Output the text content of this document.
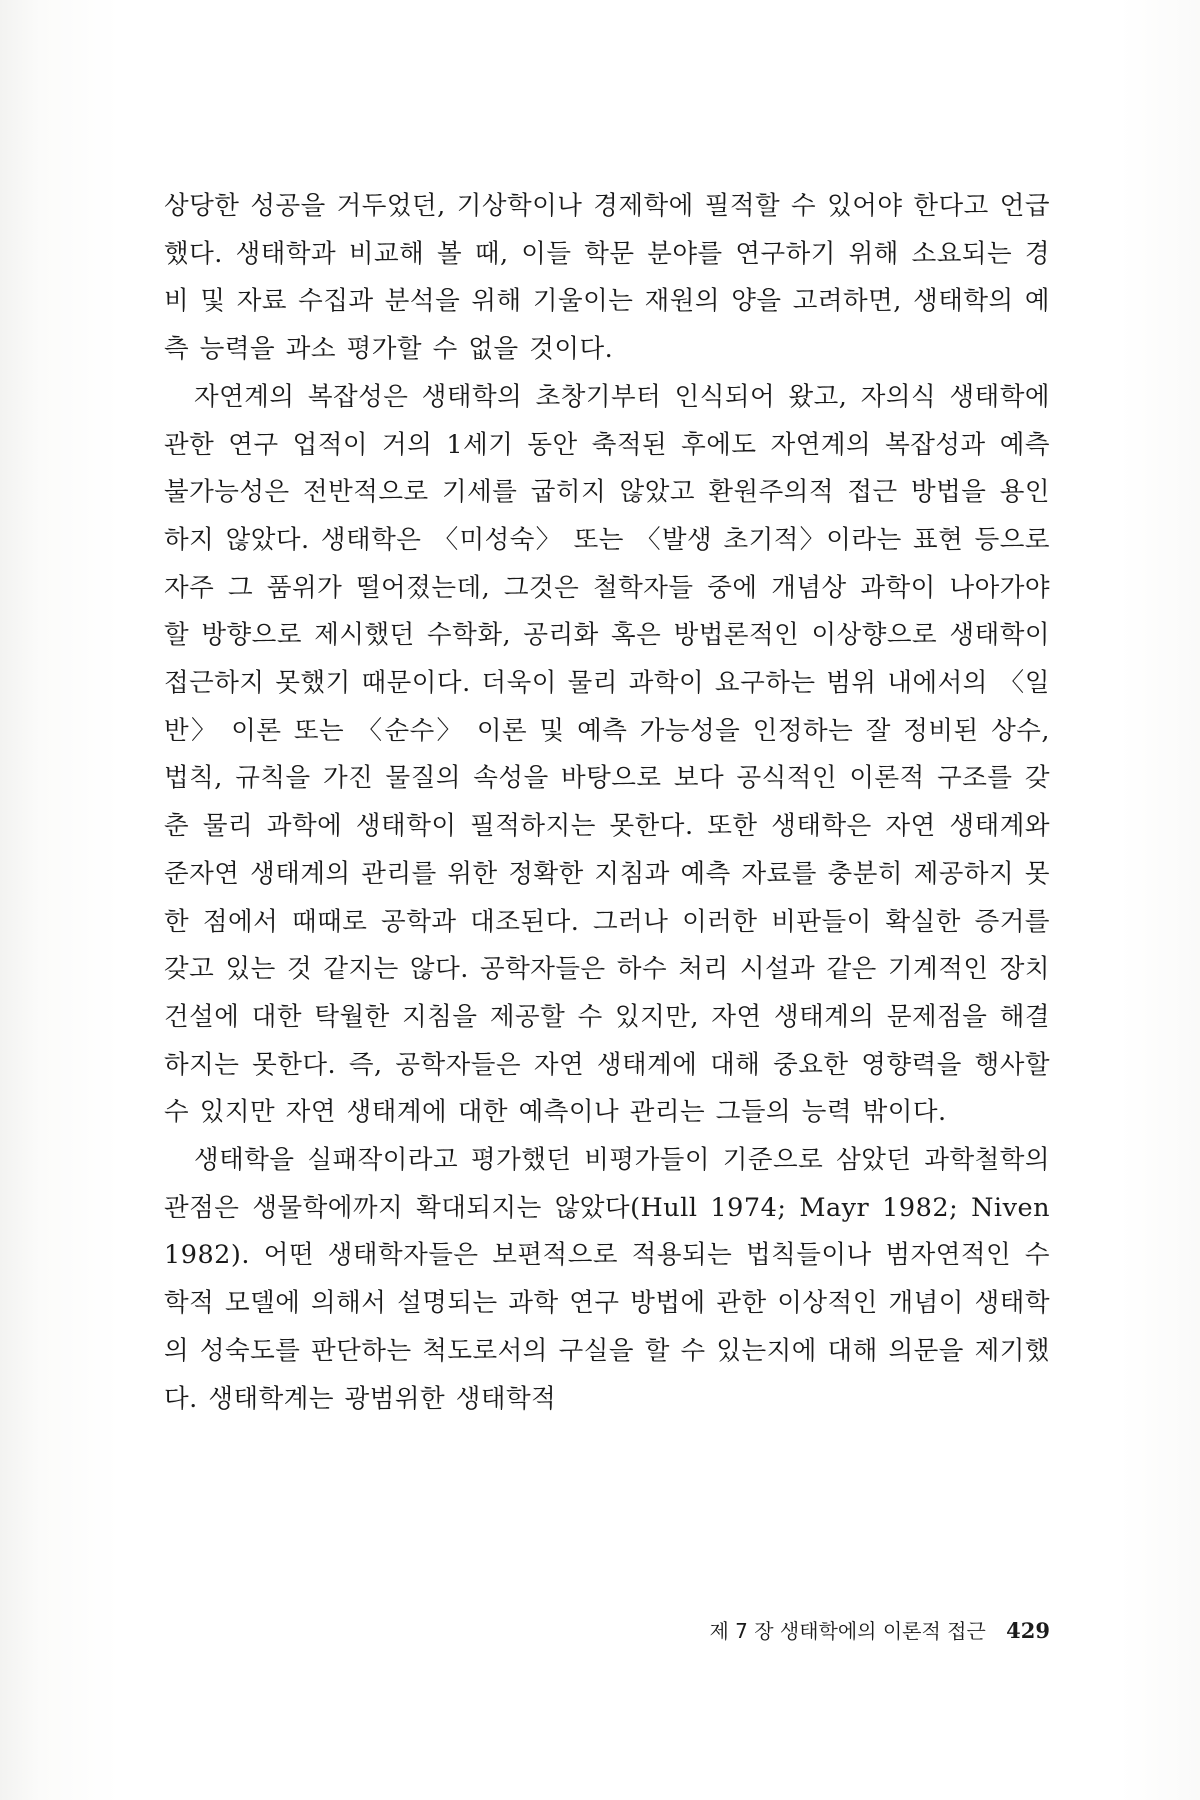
상당한 성공을 거두었던, 기상학이나 경제학에 필적할 수 있어야 한다고 언급했다. 생태학과 비교해 볼 때, 이들 학문 분야를 연구하기 위해 소요되는 경비 및 자료 수집과 분석을 위해 기울이는 재원의 양을 고려하면, 생태학의 예측 능력을 과소 평가할 수 없을 것이다.

자연계의 복잡성은 생태학의 초창기부터 인식되어 왔고, 자의식 생태학에 관한 연구 업적이 거의 1세기 동안 축적된 후에도 자연계의 복잡성과 예측 불가능성은 전반적으로 기세를 굽히지 않았고 환원주의적 접근 방법을 용인하지 않았다. 생태학은 〈미성숙〉 또는 〈발생 초기적〉이라는 표현 등으로 자주 그 품위가 떨어졌는데, 그것은 철학자들 중에 개념상 과학이 나아가야 할 방향으로 제시했던 수학화, 공리화 혹은 방법론적인 이상향으로 생태학이 접근하지 못했기 때문이다. 더욱이 물리 과학이 요구하는 범위 내에서의 〈일반〉 이론 또는 〈순수〉 이론 및 예측 가능성을 인정하는 잘 정비된 상수, 법칙, 규칙을 가진 물질의 속성을 바탕으로 보다 공식적인 이론적 구조를 갖춘 물리 과학에 생태학이 필적하지는 못한다. 또한 생태학은 자연 생태계와 준자연 생태계의 관리를 위한 정확한 지침과 예측 자료를 충분히 제공하지 못한 점에서 때때로 공학과 대조된다. 그러나 이러한 비판들이 확실한 증거를 갖고 있는 것 같지는 않다. 공학자들은 하수 처리 시설과 같은 기계적인 장치 건설에 대한 탁월한 지침을 제공할 수 있지만, 자연 생태계의 문제점을 해결하지는 못한다. 즉, 공학자들은 자연 생태계에 대해 중요한 영향력을 행사할 수 있지만 자연 생태계에 대한 예측이나 관리는 그들의 능력 밖이다.

생태학을 실패작이라고 평가했던 비평가들이 기준으로 삼았던 과학철학의 관점은 생물학에까지 확대되지는 않았다(Hull 1974; Mayr 1982; Niven 1982). 어떤 생태학자들은 보편적으로 적용되는 법칙들이나 범자연적인 수학적 모델에 의해서 설명되는 과학 연구 방법에 관한 이상적인 개념이 생태학의 성숙도를 판단하는 척도로서의 구실을 할 수 있는지에 대해 의문을 제기했다. 생태학계는 광범위한 생태학적

제 7 장 생태학에의 이론적 접근 429
